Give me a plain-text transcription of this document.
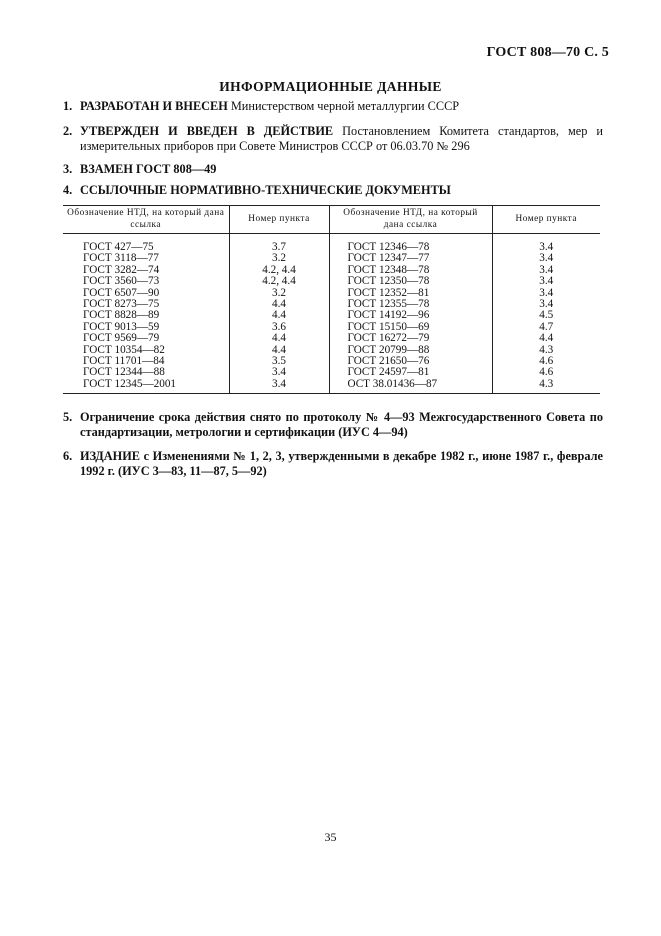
ГОСТ 808—70 С. 5
ИНФОРМАЦИОННЫЕ ДАННЫЕ
1. РАЗРАБОТАН И ВНЕСЕН Министерством черной металлургии СССР
2. УТВЕРЖДЕН И ВВЕДЕН В ДЕЙСТВИЕ Постановлением Комитета стандартов, мер и измерительных приборов при Совете Министров СССР от 06.03.70 № 296
3. ВЗАМЕН ГОСТ 808—49
4. ССЫЛОЧНЫЕ НОРМАТИВНО-ТЕХНИЧЕСКИЕ ДОКУМЕНТЫ
Обозначение НТД, на который дана ссылка	Номер пункта	Обозначение НТД, на который дана ссылка	Номер пункта
ГОСТ 427—75	3.7	ГОСТ 12346—78	3.4
ГОСТ 3118—77	3.2	ГОСТ 12347—77	3.4
ГОСТ 3282—74	4.2, 4.4	ГОСТ 12348—78	3.4
ГОСТ 3560—73	4.2, 4.4	ГОСТ 12350—78	3.4
ГОСТ 6507—90	3.2	ГОСТ 12352—81	3.4
ГОСТ 8273—75	4.4	ГОСТ 12355—78	3.4
ГОСТ 8828—89	4.4	ГОСТ 14192—96	4.5
ГОСТ 9013—59	3.6	ГОСТ 15150—69	4.7
ГОСТ 9569—79	4.4	ГОСТ 16272—79	4.4
ГОСТ 10354—82	4.4	ГОСТ 20799—88	4.3
ГОСТ 11701—84	3.5	ГОСТ 21650—76	4.6
ГОСТ 12344—88	3.4	ГОСТ 24597—81	4.6
ГОСТ 12345—2001	3.4	ОСТ 38.01436—87	4.3
5. Ограничение срока действия снято по протоколу № 4—93 Межгосударственного Совета по стандартизации, метрологии и сертификации (ИУС 4—94)
6. ИЗДАНИЕ с Изменениями № 1, 2, 3, утвержденными в декабре 1982 г., июне 1987 г., феврале 1992 г. (ИУС 3—83, 11—87, 5—92)
35
